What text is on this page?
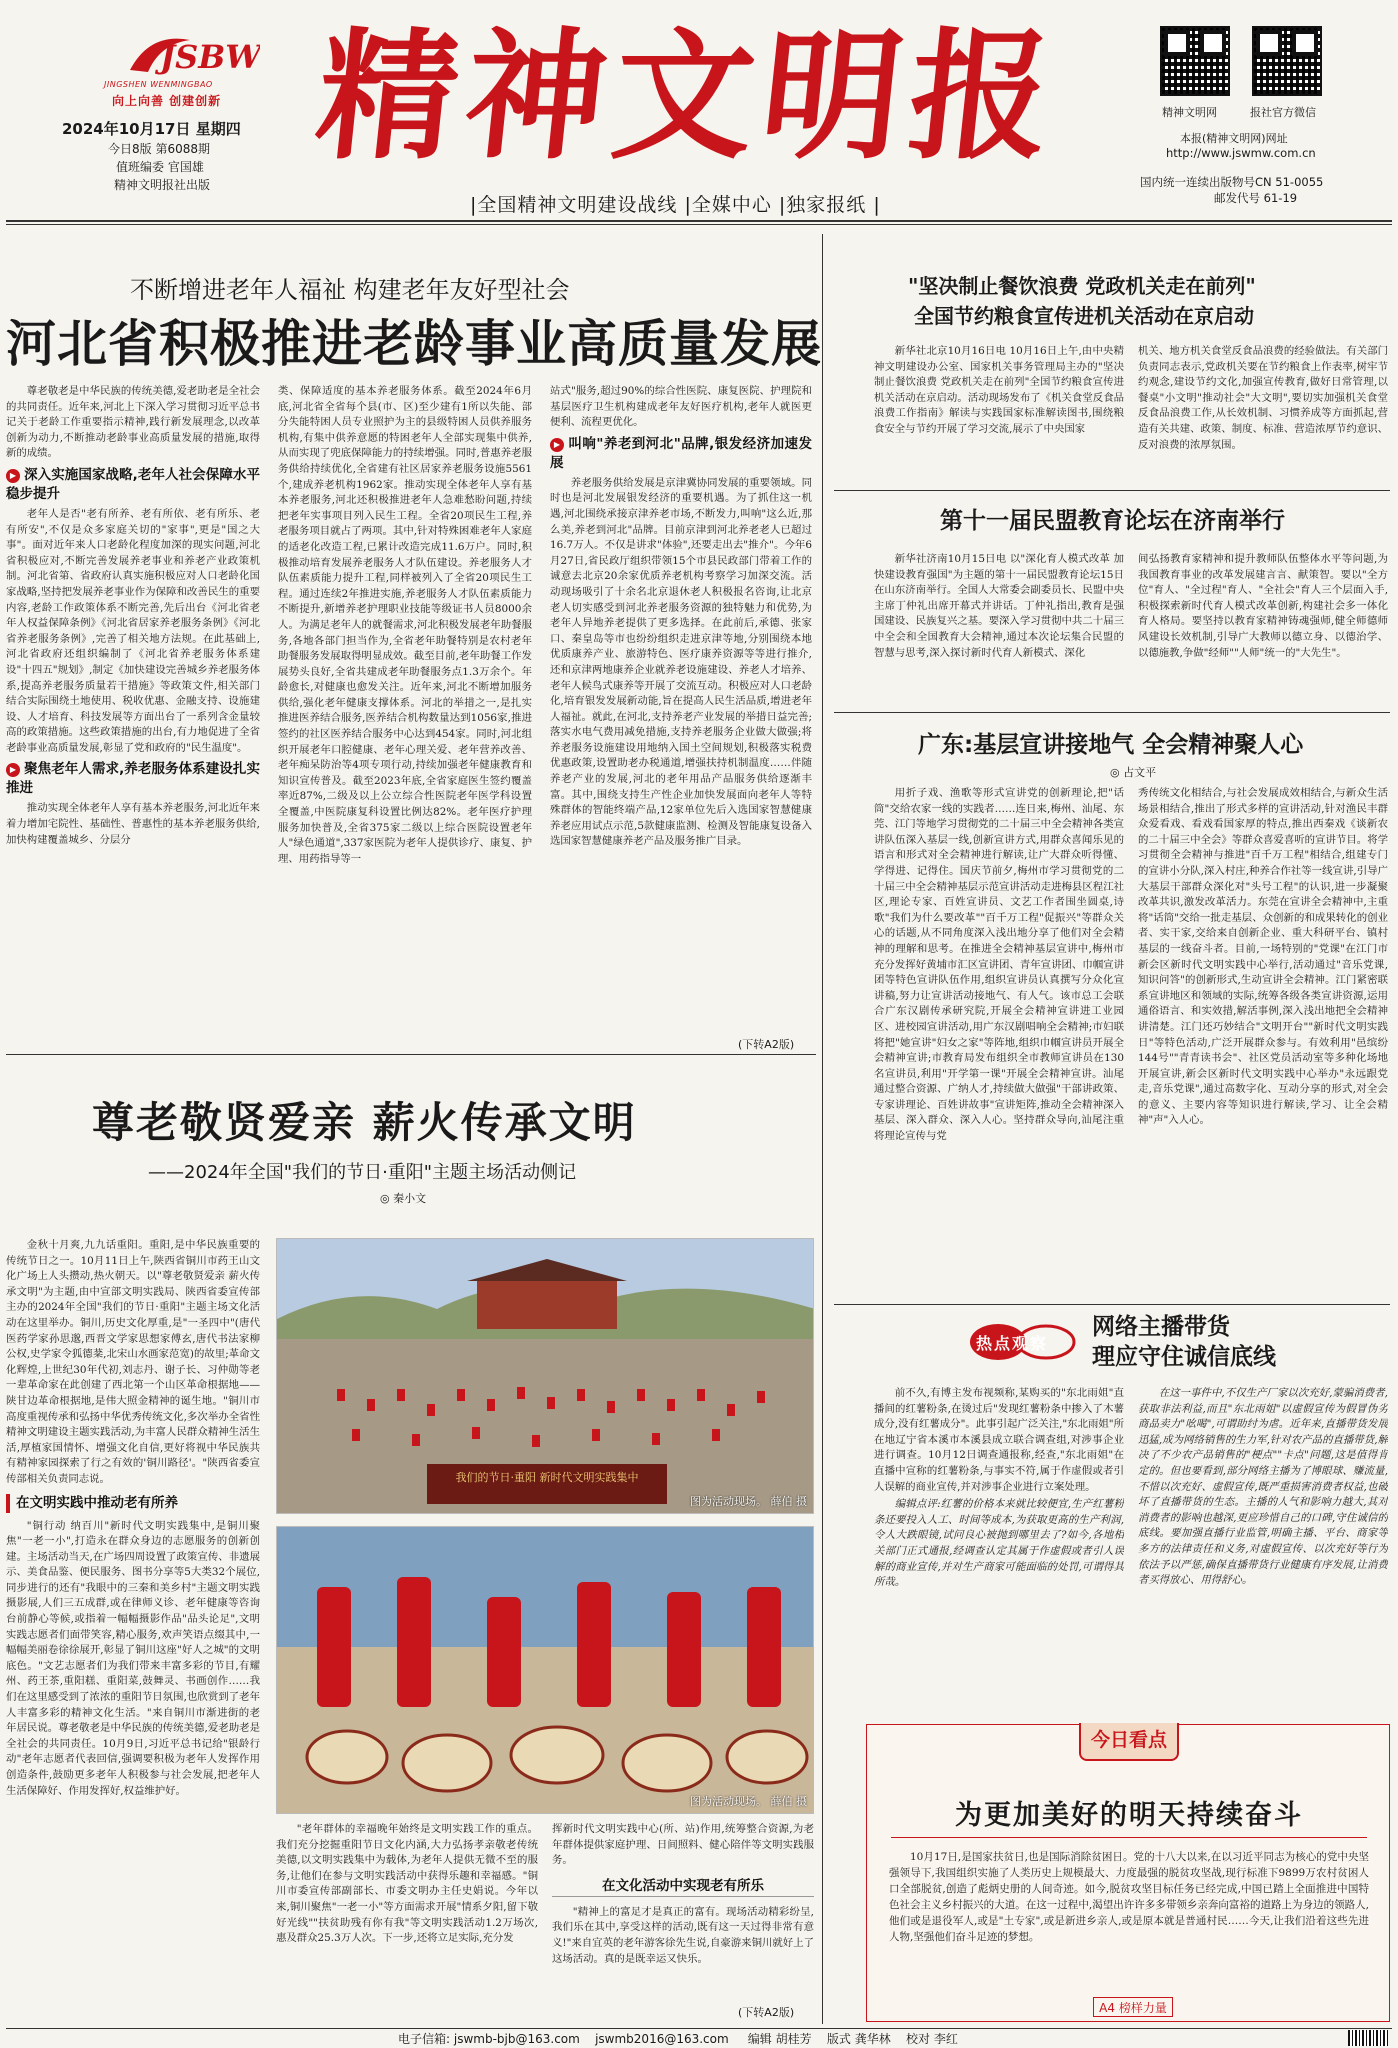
JSBW
JINGSHEN WENMINGBAO
向上向善 创建创新
2024年10月17日 星期四
今日8版 第6088期
值班编委 官国雄
精神文明报社出版
精神文明报
|全国精神文明建设战线 |全媒中心 |独家报纸 |
精神文明网	报社官方微信
本报(精神文明网)网址
http://www.jswmw.com.cn
国内统一连续出版物号CN 51-0055
邮发代号 61-19
不断增进老年人福祉 构建老年友好型社会
河北省积极推进老龄事业高质量发展

尊老敬老是中华民族的传统美德,爱老助老是全社会的共同责任。近年来,河北上下深入学习贯彻习近平总书记关于老龄工作重要指示精神,践行新发展理念,以改革创新为动力,不断推动老龄事业高质量发展的措施,取得新的成绩。

▶ 深入实施国家战略,老年人社会保障水平稳步提升

老年人是否"老有所养、老有所依、老有所乐、老有所安",不仅是众多家庭关切的"家事",更是"国之大事"。面对近年来人口老龄化程度加深的现实问题,河北省积极应对,不断完善发展养老事业和养老产业政策机制。河北省第、省政府认真实施积极应对人口老龄化国家战略,坚持把发展养老事业作为保障和改善民生的重要内容,老龄工作政策体系不断完善,先后出台《河北省老年人权益保障条例》《河北省居家养老服务条例》《河北省养老服务条例》,完善了相关地方法规。在此基础上,河北省政府还组织编制了《河北省养老服务体系建设"十四五"规划》,制定《加快建设完善城乡养老服务体系,提高养老服务质量若干措施》等政策文件,相关部门结合实际围绕土地使用、税收优惠、金融支持、设施建设、人才培育、科技发展等方面出台了一系列含金量较高的政策措施。这些政策措施的出台,有力地促进了全省老龄事业高质量发展,彰显了党和政府的"民生温度"。

▶ 聚焦老年人需求,养老服务体系建设扎实推进

推动实现全体老年人享有基本养老服务,河北近年来着力增加宅院性、基础性、普惠性的基本养老服务供给,加快构建覆盖城乡、分层分

类、保障适度的基本养老服务体系。截至2024年6月底,河北省全省每个县(市、区)至少建有1所以失能、部分失能特困人员专业照护为主的县级特困人员供养服务机构,有集中供养意愿的特困老年人全部实现集中供养,从而实现了兜底保障能力的持续增强。同时,普惠养老服务供给持续优化,全省建有社区居家养老服务设施5561个,建成养老机构1962家。推动实现全体老年人享有基本养老服务,河北还积极推进老年人急难愁盼问题,持续把老年实事项目列入民生工程。全省20项民生工程,养老服务项目就占了两项。其中,针对特殊困难老年人家庭的适老化改造工程,已累计改造完成11.6万户。同时,积极推动培育发展养老服务人才队伍建设。养老服务人才队伍素质能力提升工程,同样被列入了全省20项民生工程。通过连续2年推进实施,养老服务人才队伍素质能力不断提升,新增养老护理职业技能等级证书人员8000余人。为满足老年人的就餐需求,河北积极发展老年助餐服务,各地各部门担当作为,全省老年助餐特别是农村老年助餐服务发展取得明显成效。截至目前,老年助餐工作发展势头良好,全省共建成老年助餐服务点1.3万余个。年龄愈长,对健康也愈发关注。近年来,河北不断增加服务供给,强化老年健康支撑体系。河北的举措之一,是扎实推进医养结合服务,医养结合机构数量达到1056家,推进签约的社区医养结合服务中心达到454家。同时,河北组织开展老年口腔健康、老年心理关爱、老年营养改善、老年痴呆防治等4项专项行动,持续加强老年健康教育和知识宣传普及。截至2023年底,全省家庭医生签约覆盖率近87%,二级及以上公立综合性医院老年医学科设置全覆盖,中医院康复科设置比例达82%。老年医疗护理服务加快普及,全省375家二级以上综合医院设置老年人"绿色通道",337家医院为老年人提供诊疗、康复、护理、用药指导等一

站式"服务,超过90%的综合性医院、康复医院、护理院和基层医疗卫生机构建成老年友好医疗机构,老年人就医更便利、流程更优化。

▶ 叫响"养老到河北"品牌,银发经济加速发展

养老服务供给发展是京津冀协同发展的重要领域。同时也是河北发展银发经济的重要机遇。为了抓住这一机遇,河北围绕承接京津养老市场,不断发力,叫响"这么近,那么美,养老到河北"品牌。目前京津到河北养老老人已超过16.7万人。不仅是讲求"体验",还要走出去"推介"。今年6月27日,省民政厅组织带领15个市县民政部门带着工作的诚意去北京20余家优质养老机构考察学习加深交流。活动现场吸引了十余名北京退休老人积极报名咨询,让北京老人切实感受到河北养老服务资源的独特魅力和优势,为老年人异地养老提供了更多选择。在此前后,承德、张家口、秦皇岛等市也纷纷组织走进京津等地,分别围绕本地优质康养产业、旅游特色、医疗康养资源等等进行推介,还和京津两地康养企业就养老设施建设、养老人才培养、老年人候鸟式康养等开展了交流互动。积极应对人口老龄化,培育银发发展新动能,旨在提高人民生活品质,增进老年人福祉。就此,在河北,支持养老产业发展的举措日益完善;落实水电气费用减免措施,支持养老服务企业做大做强;将养老服务设施建设用地纳入国土空间规划,积极落实税费优惠政策,设置助老办税通道,增强扶持机制温度……伴随养老产业的发展,河北的老年用品产品服务供给逐渐丰富。其中,围绕支持生产性企业加快发展面向老年人等特殊群体的智能终端产品,12家单位先后入选国家智慧健康养老应用试点示范,5款健康监测、检测及智能康复设备入选国家智慧健康养老产品及服务推广目录。

(下转A2版)
尊老敬贤爱亲 薪火传承文明
——2024年全国"我们的节日·重阳"主题主场活动侧记
◎ 秦小文

金秋十月爽,九九话重阳。重阳,是中华民族重要的传统节日之一。10月11日上午,陕西省铜川市药王山文化广场上人头攒动,热火朝天。以"尊老敬贤爱亲 薪火传承文明"为主题,由中宣部文明实践局、陕西省委宣传部主办的2024年全国"我们的节日·重阳"主题主场文化活动在这里举办。铜川,历史文化厚重,是"一圣四中"(唐代医药学家孙思邈,西晋文学家思想家傅玄,唐代书法家柳公权,史学家令狐德棻,北宋山水画家范宽)的故里;革命文化辉煌,上世纪30年代初,刘志丹、谢子长、习仲勋等老一辈革命家在此创建了西北第一个山区革命根据地——陕甘边革命根据地,是伟大照金精神的诞生地。"铜川市高度重视传承和弘扬中华优秀传统文化,多次举办全省性精神文明建设主题实践活动,为丰富人民群众精神生活生活,厚植家国情怀、增强文化自信,更好将视中华民族共有精神家园探索了行之有效的'铜川路径'。"陕西省委宣传部相关负责同志说。

在文明实践中推动老有所养

"铜行动 纳百川"新时代文明实践集中,是铜川聚焦"一老一小",打造永在群众身边的志愿服务的创新创建。主场活动当天,在广场四周设置了政策宣传、非遗展示、美食品鉴、便民服务、图书分享等5大类32个展位,同步进行的还有"我眼中的三秦和美乡村"主题文明实践摄影展,人们三五成群,或在律师义诊、老年健康等咨询台前静心等候,或指着一幅幅摄影作品"品头论足",文明实践志愿者们面带笑容,精心服务,欢声笑语点缀其中,一幅幅美丽卷徐徐展开,彰显了铜川这座"好人之城"的文明底色。"文艺志愿者们为我们带来丰富多彩的节目,有耀州、药王茶,重阳糕、重阳菜,鼓舞灵、书画创作……我们在这里感受到了浓浓的重阳节日氛围,也欣赏到了老年人丰富多彩的精神文化生活。"来自铜川市渐进街的老年居民说。尊老敬老是中华民族的传统美德,爱老助老是全社会的共同责任。10月9日,习近平总书记给"银龄行动"老年志愿者代表回信,强调要积极为老年人发挥作用创造条件,鼓励更多老年人积极参与社会发展,把老年人生活保障好、作用发挥好,权益维护好。

我们的节日·重阳 新时代文明实践集中
图为活动现场。 薛伯 摄
图为活动现场。 薛伯 摄

"老年群体的幸福晚年始终是文明实践工作的重点。我们充分挖掘重阳节日文化内涵,大力弘扬孝亲敬老传统美德,以文明实践集中为载体,为老年人提供无微不至的服务,让他们在参与文明实践活动中获得乐趣和幸福感。"铜川市委宣传部副部长、市委文明办主任史娟说。今年以来,铜川聚焦"一老一小"等方面需求开展"情系夕阳,留下敬好光线""扶贫助残有你有我"等文明实践活动1.2万场次,惠及群众25.3万人次。下一步,还将立足实际,充分发

挥新时代文明实践中心(所、站)作用,统筹整合资源,为老年群体提供家庭护理、日间照料、健心陪伴等文明实践服务。

在文化活动中实现老有所乐

"精神上的富足才是真正的富有。现场活动精彩纷呈,我们乐在其中,享受这样的活动,既有这一天过得非常有意义!"来自宜英的老年游客徐先生说,自豪游来铜川就好上了这场活动。真的是既幸运又快乐。

(下转A2版)
"坚决制止餐饮浪费 党政机关走在前列"
全国节约粮食宣传进机关活动在京启动

新华社北京10月16日电 10月16日上午,由中央精神文明建设办公室、国家机关事务管理局主办的"坚决制止餐饮浪费 党政机关走在前列"全国节约粮食宣传进机关活动在京启动。活动现场发布了《机关食堂反食品浪费工作指南》解读与实践国家标准解读图书,围绕粮食安全与节约开展了学习交流,展示了中央国家

机关、地方机关食堂反食品浪费的经验做法。有关部门负责同志表示,党政机关要在节约粮食上作表率,树牢节约观念,建设节约文化,加强宣传教育,做好日常管理,以餐桌"小文明"推动社会"大文明",要切实加强机关食堂反食品浪费工作,从长效机制、习惯养成等方面抓起,营造有关共建、政策、制度、标准、营造浓厚节约意识、反对浪费的浓厚氛围。

第十一届民盟教育论坛在济南举行

新华社济南10月15日电 以"深化育人模式改革 加快建设教育强国"为主题的第十一届民盟教育论坛15日在山东济南举行。全国人大常委会副委员长、民盟中央主席丁仲礼出席开幕式并讲话。丁仲礼指出,教育是强国建设、民族复兴之基。要深入学习贯彻中共二十届三中全会和全国教育大会精神,通过本次论坛集合民盟的智慧与思考,深入探讨新时代育人新模式、深化

间弘扬教育家精神和提升教师队伍整体水平等问题,为我国教育事业的改革发展建言言、献策智。要以"全方位"育人、"全过程"育人、"全社会"育人三个层面入手,积极探索新时代育人模式改革创新,构建社会多一体化育人格局。要坚持以教育家精神铸魂强师,健全师德师风建设长效机制,引导广大教师以德立身、以德治学、以德施教,争做"经师""人师"统一的"大先生"。

广东:基层宣讲接地气 全会精神聚人心
◎ 占文平

用折子戏、渔歌等形式宣讲党的创新理论,把"话筒"交给农家一线的实践者……连日来,梅州、汕尾、东莞、江门等地学习贯彻党的二十届三中全会精神各类宣讲队伍深入基层一线,创新宣讲方式,用群众喜闻乐见的语言和形式对全会精神进行解读,让广大群众听得懂、学得进、记得住。国庆节前夕,梅州市学习贯彻党的二十届三中全会精神基层示范宣讲活动走进梅县区程江社区,理论专家、百姓宣讲员、文艺工作者围坐圆桌,诗歌"我们为什么要改革""百千万工程"促振兴"等群众关心的话题,从不同角度深入浅出地分享了他们对全会精神的理解和思考。在推进全会精神基层宣讲中,梅州市充分发挥好黄埔市汇区宣讲团、青年宣讲团、巾帼宣讲团等特色宣讲队伍作用,组织宣讲员认真撰写分众化宣讲稿,努力让宣讲活动接地气、有人气。该市总工会联合广东汉剧传承研究院,开展全会精神宣讲进工业园区、进校园宣讲活动,用广东汉剧唱响全会精神;市妇联将把"她宣讲"妇女之家"等阵地,组织巾帼宣讲员开展全会精神宣讲;市教育局发布组织全市教师宣讲员在130名宣讲员,利用"开学第一课"开展全会精神宣讲。汕尾通过整合资源、广纳人才,持续做大做强"干部讲政策、专家讲理论、百姓讲故事"宣讲矩阵,推动全会精神深入基层、深入群众、深入人心。坚持群众导向,汕尾注重将理论宣传与党

秀传统文化相结合,与社会发展成效相结合,与新众生活场景相结合,推出了形式多样的宣讲活动,针对渔民丰群众爱看戏、看戏看国家厚的特点,推出西秦戏《谈新农的二十届三中全会》等群众喜爱喜听的宣讲节目。将学习贯彻全会精神与推进"百千万工程"相结合,组建专门的宣讲小分队,深入村庄,种养合作社等一线宣讲,引导广大基层干部群众深化对"头号工程"的认识,进一步凝聚改革共识,激发改革活力。东莞在宣讲全会精神中,主重将"话筒"交给一批走基层、众创新的和成果转化的创业者、实干家,交给来自创新企业、重大科研平台、镇村基层的一线奋斗者。目前,一场特别的"党课"在江门市新会区新时代文明实践中心举行,活动通过"音乐党课,知识问答"的创新形式,生动宣讲全会精神。江门紧密联系宣讲地区和领域的实际,统筹各级各类宣讲资源,运用通俗语言、和实效措,解活事例,深入浅出地把全会精神讲清楚。江门还巧妙结合"文明开台""新时代文明实践日"等特色活动,广泛开展群众参与。有效利用"邑缤纷144号""青青读书会"、社区党员活动室等多种化场地开展宣讲,新会区新时代文明实践中心举办"永远跟党走,音乐党课",通过高数字化、互动分享的形式,对全会的意义、主要内容等知识进行解读,学习、让全会精神"声"入人心。

热点观察
网络主播带货
理应守住诚信底线

前不久,有博主发布视频称,某购买的"东北雨姐"直播间的红薯粉条,在烫过后"发现红薯粉条中掺入了木薯成分,没有红薯成分"。此事引起广泛关注,"东北雨姐"所在地辽宁省本溪市本溪县成立联合调查组,对涉事企业进行调查。10月12日调查通报称,经查,"东北雨姐"在直播中宣称的红薯粉条,与事实不符,属于作虚假或者引人误解的商业宣传,并对涉事企业进行立案处理。

编辑点评:红薯的价格本来就比较便宜,生产红薯粉条还要投入人工、时间等成本,为获取更高的生产利润,令人大跌眼镜,试问良心被抛到哪里去了?如今,各地相关部门正式通报,经调查认定其属于作虚假或者引人误解的商业宣传,并对生产商家可能面临的处罚,可谓得其所哉。

在这一事件中,不仅生产厂家以次充好,蒙骗消费者,获取非法利益,而且"东北雨姐"以虚假宣传为假冒伪劣商品卖力"吆喝",可谓助纣为虐。近年来,直播带货发展迅猛,成为网络销售的生力军,针对农产品的直播带货,解决了不少农产品销售的"梗点""卡点"问题,这是值得肯定的。但也要看到,部分网络主播为了博眼球、赚流量,不惜以次充好、虚假宣传,既严重损害消费者权益,也破坏了直播带货的生态。主播的人气和影响力越大,其对消费者的影响也越深,更应珍惜自己的口碑,守住诚信的底线。要加强直播行业监管,明确主播、平台、商家等多方的法律责任和义务,对虚假宣传、以次充好等行为依法予以严惩,确保直播带货行业健康有序发展,让消费者买得放心、用得舒心。

今日看点
为更加美好的明天持续奋斗
10月17日,是国家扶贫日,也是国际消除贫困日。党的十八大以来,在以习近平同志为核心的党中央坚强领导下,我国组织实施了人类历史上规模最大、力度最强的脱贫攻坚战,现行标准下9899万农村贫困人口全部脱贫,创造了彪炳史册的人间奇迹。如今,脱贫攻坚目标任务已经完成,中国已踏上全面推进中国特色社会主义乡村振兴的大道。在这一过程中,渴望出许许多多带领乡亲奔向富裕的道路上为身边的领路人,他们或是退役军人,或是"土专家",或是新进乡亲人,或是原本就是普通村民……今天,让我们沿着这些先进人物,坚强他们奋斗足迹的梦想。
A4 榜样力量
电子信箱: jswmb-bjb@163.com jswmb2016@163.com 编辑 胡桂芳 版式 龚华林 校对 李红
